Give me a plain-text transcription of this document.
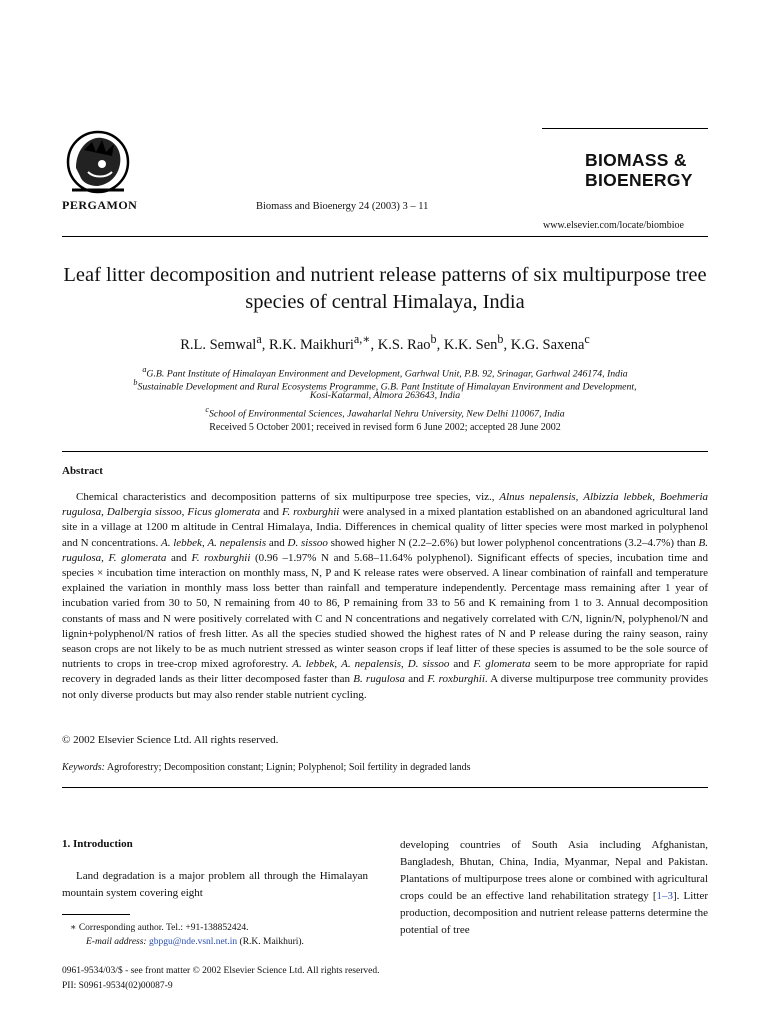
PERGAMON	Biomass and Bioenergy 24 (2003) 3 – 11
BIOMASS &
BIOENERGY
www.elsevier.com/locate/biombioe
Leaf litter decomposition and nutrient release patterns of six multipurpose tree species of central Himalaya, India
R.L. Semwal$^a$, R.K. Maikhuri$^{a,∗}$, K.S. Rao$^b$, K.K. Sen$^b$, K.G. Saxena$^c$
$^a$G.B. Pant Institute of Himalayan Environment and Development, Garhwal Unit, P.B. 92, Srinagar, Garhwal 246174, India
$^b$Sustainable Development and Rural Ecosystems Programme, G.B. Pant Institute of Himalayan Environment and Development,
Kosi-Katarmal, Almora 263643, India
$^c$School of Environmental Sciences, Jawaharlal Nehru University, New Delhi 110067, India
Received 5 October 2001; received in revised form 6 June 2002; accepted 28 June 2002
Abstract

Chemical characteristics and decomposition patterns of six multipurpose tree species, viz., Alnus nepalensis, Albizzia lebbek, Boehmeria rugulosa, Dalbergia sissoo, Ficus glomerata and F. roxburghii were analysed in a mixed plantation established on an abandoned agricultural land site in a village at 1200 m altitude in Central Himalaya, India. Differences in chemical quality of litter species were most marked in polyphenol and N concentrations. A. lebbek, A. nepalensis and D. sissoo showed higher N (2.2–2.6%) but lower polyphenol concentrations (3.2–4.7%) than B. rugulosa, F. glomerata and F. roxburghii (0.96 –1.97% N and 5.68–11.64% polyphenol). Significant effects of species, incubation time and species × incubation time interaction on monthly mass, N, P and K release rates were observed. A linear combination of rainfall and temperature explained the variation in monthly mass loss better than rainfall and temperature independently. Percentage mass remaining after 1 year of incubation varied from 30 to 50, N remaining from 40 to 86, P remaining from 33 to 56 and K remaining from 1 to 3. Annual decomposition constants of mass and N were positively correlated with C and N concentrations and negatively correlated with C/N, lignin/N, polyphenol/N and lignin+polyphenol/N ratios of fresh litter. As all the species studied showed the highest rates of N and P release during the rainy season, rainy season crops are not likely to be as much nutrient stressed as winter season crops if leaf litter of these species is assumed to be the sole source of nutrients to crops in tree-crop mixed agroforestry. A. lebbek, A. nepalensis, D. sissoo and F. glomerata seem to be more appropriate for rapid recovery in degraded lands as their litter decomposed faster than B. rugulosa and F. roxburghii. A diverse multipurpose tree community provides not only diverse products but may also render stable nutrient cycling.

© 2002 Elsevier Science Ltd. All rights reserved.
Keywords: Agroforestry; Decomposition constant; Lignin; Polyphenol; Soil fertility in degraded lands
1. Introduction

Land degradation is a major problem all through the Himalayan mountain system covering eight

developing countries of South Asia including Afghanistan, Bangladesh, Bhutan, China, India, Myanmar, Nepal and Pakistan. Plantations of multipurpose trees alone or combined with agricultural crops could be an effective land rehabilitation strategy [1–3]. Litter production, decomposition and nutrient release patterns determine the potential of tree

∗ Corresponding author. Tel.: +91-138852424.
E-mail address: gbpgu@nde.vsnl.net.in (R.K. Maikhuri).
0961-9534/03/$ - see front matter © 2002 Elsevier Science Ltd. All rights reserved.
PII: S0961-9534(02)00087-9
